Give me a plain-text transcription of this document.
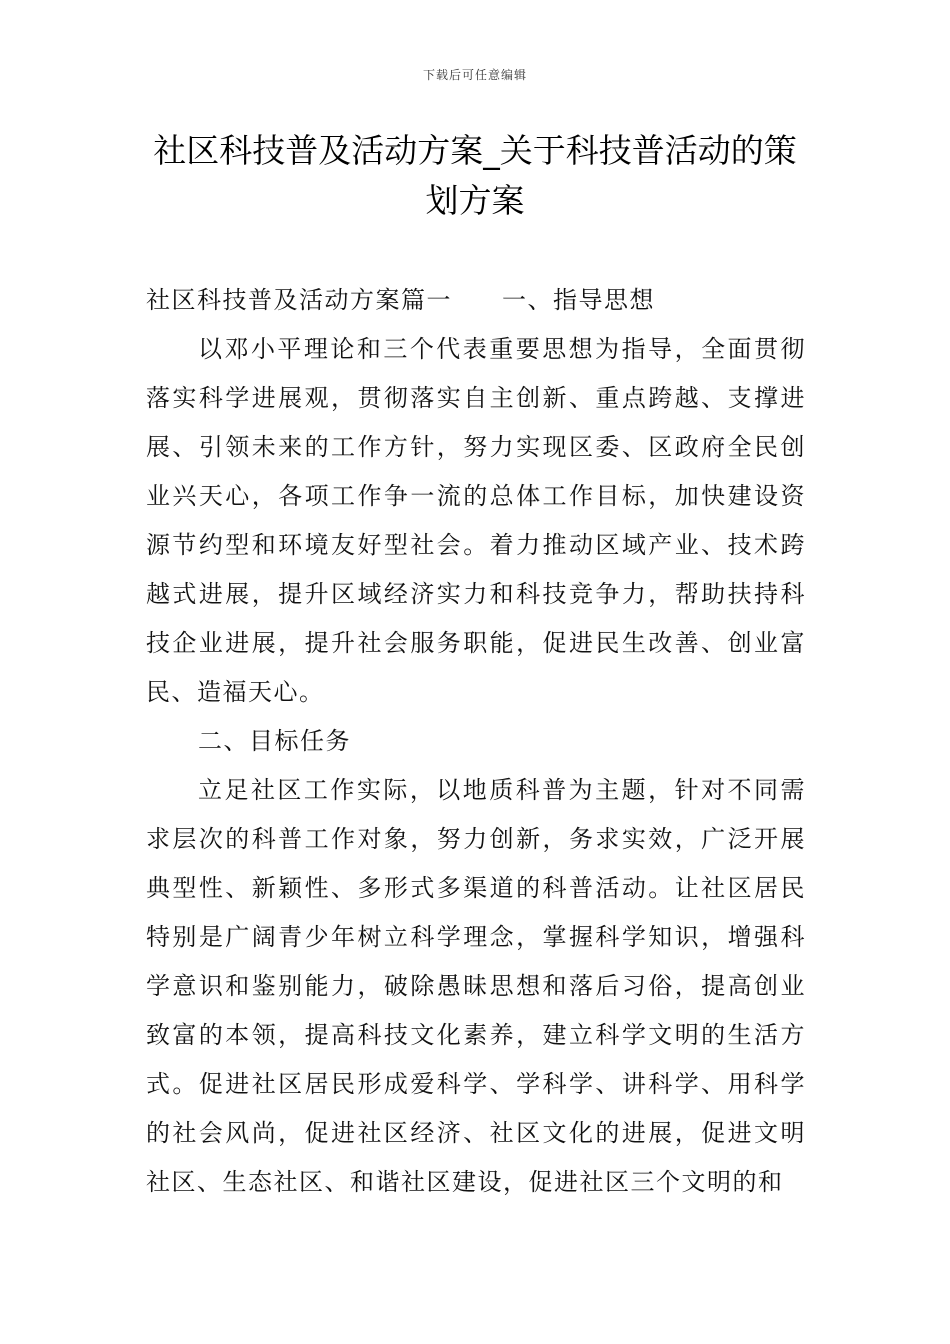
下载后可任意编辑
社区科技普及活动方案_关于科技普活动的策划方案

社区科技普及活动方案篇一 一、指导思想

以邓小平理论和三个代表重要思想为指导，全面贯彻落实科学进展观，贯彻落实自主创新、重点跨越、支撑进展、引领未来的工作方针，努力实现区委、区政府全民创业兴天心，各项工作争一流的总体工作目标，加快建设资源节约型和环境友好型社会。着力推动区域产业、技术跨越式进展，提升区域经济实力和科技竞争力，帮助扶持科技企业进展，提升社会服务职能，促进民生改善、创业富民、造福天心。

二、目标任务

立足社区工作实际，以地质科普为主题，针对不同需求层次的科普工作对象，努力创新，务求实效，广泛开展典型性、新颖性、多形式多渠道的科普活动。让社区居民特别是广阔青少年树立科学理念，掌握科学知识，增强科学意识和鉴别能力，破除愚昧思想和落后习俗，提高创业致富的本领，提高科技文化素养，建立科学文明的生活方式。促进社区居民形成爱科学、学科学、讲科学、用科学的社会风尚，促进社区经济、社区文化的进展，促进文明社区、生态社区、和谐社区建设，促进社区三个文明的和
